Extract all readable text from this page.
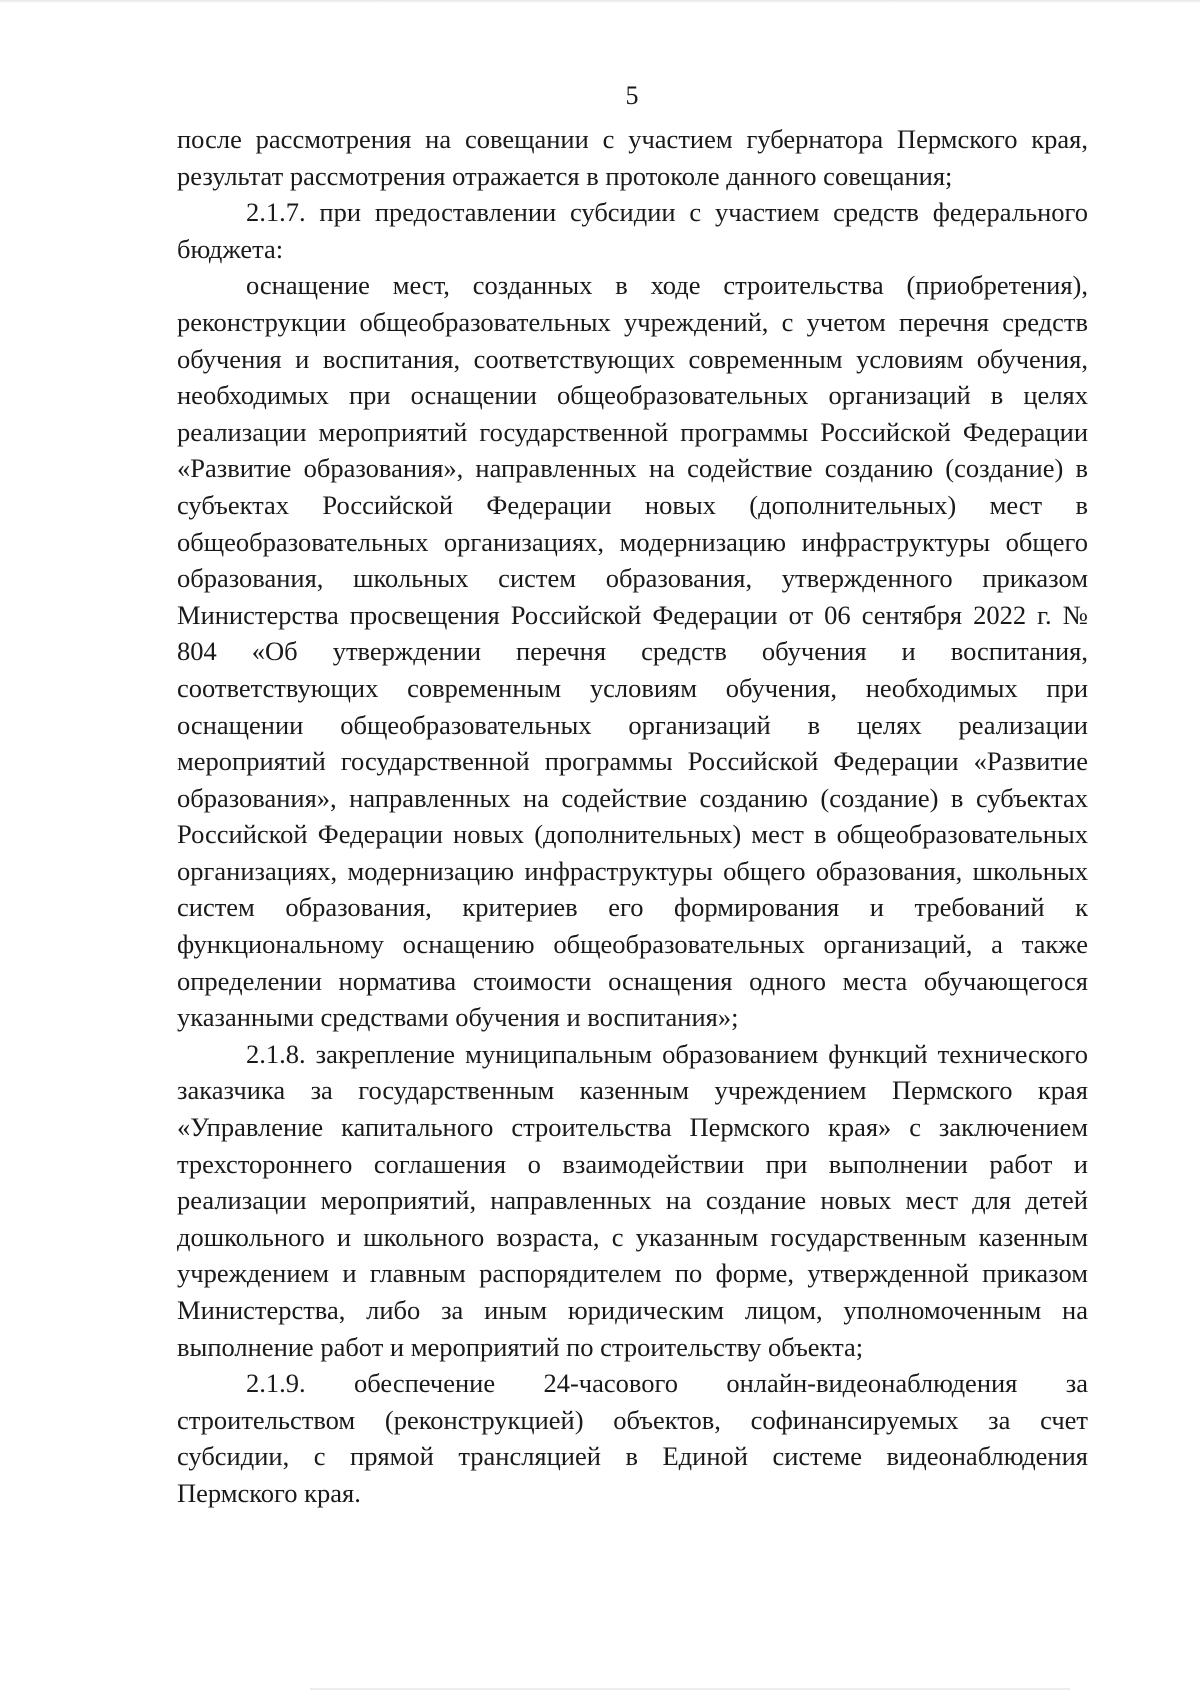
5

после рассмотрения на совещании с участием губернатора Пермского края, результат рассмотрения отражается в протоколе данного совещания;

2.1.7. при предоставлении субсидии с участием средств федерального бюджета:

оснащение мест, созданных в ходе строительства (приобретения), реконструкции общеобразовательных учреждений, с учетом перечня средств обучения и воспитания, соответствующих современным условиям обучения, необходимых при оснащении общеобразовательных организаций в целях реализации мероприятий государственной программы Российской Федерации «Развитие образования», направленных на содействие созданию (создание) в субъектах Российской Федерации новых (дополнительных) мест в общеобразовательных организациях, модернизацию инфраструктуры общего образования, школьных систем образования, утвержденного приказом Министерства просвещения Российской Федерации от 06 сентября 2022 г. № 804 «Об утверждении перечня средств обучения и воспитания, соответствующих современным условиям обучения, необходимых при оснащении общеобразовательных организаций в целях реализации мероприятий государственной программы Российской Федерации «Развитие образования», направленных на содействие созданию (создание) в субъектах Российской Федерации новых (дополнительных) мест в общеобразовательных организациях, модернизацию инфраструктуры общего образования, школьных систем образования, критериев его формирования и требований к функциональному оснащению общеобразовательных организаций, а также определении норматива стоимости оснащения одного места обучающегося указанными средствами обучения и воспитания»;

2.1.8. закрепление муниципальным образованием функций технического заказчика за государственным казенным учреждением Пермского края «Управление капитального строительства Пермского края» с заключением трехстороннего соглашения о взаимодействии при выполнении работ и реализации мероприятий, направленных на создание новых мест для детей дошкольного и школьного возраста, с указанным государственным казенным учреждением и главным распорядителем по форме, утвержденной приказом Министерства, либо за иным юридическим лицом, уполномоченным на выполнение работ и мероприятий по строительству объекта;

2.1.9. обеспечение 24-часового онлайн-видеонаблюдения за строительством (реконструкцией) объектов, софинансируемых за счет субсидии, с прямой трансляцией в Единой системе видеонаблюдения Пермского края.
